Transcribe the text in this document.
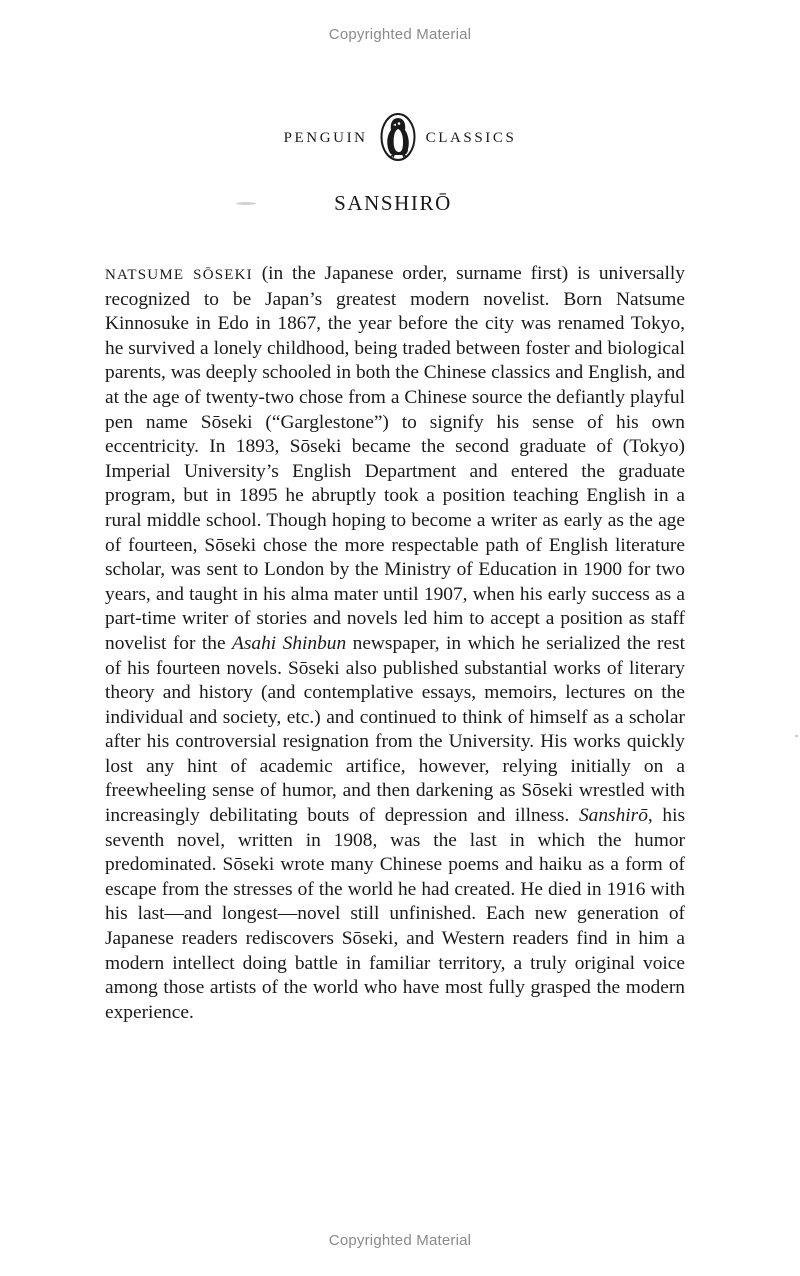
Copyrighted Material
PENGUIN	CLASSICS
SANSHIRŌ

NATSUME SŌSEKI (in the Japanese order, surname first) is universally recognized to be Japan’s greatest modern novelist. Born Natsume Kinnosuke in Edo in 1867, the year before the city was renamed Tokyo, he survived a lonely childhood, being traded between foster and biological parents, was deeply schooled in both the Chinese classics and English, and at the age of twenty-two chose from a Chinese source the defiantly playful pen name Sōseki (“Garglestone”) to signify his sense of his own eccentricity. In 1893, Sōseki became the second graduate of (Tokyo) Imperial University’s English Department and entered the graduate program, but in 1895 he abruptly took a position teaching English in a rural middle school. Though hoping to become a writer as early as the age of fourteen, Sōseki chose the more respectable path of English literature scholar, was sent to London by the Ministry of Education in 1900 for two years, and taught in his alma mater until 1907, when his early success as a part-time writer of stories and novels led him to accept a position as staff novelist for the Asahi Shinbun newspaper, in which he serialized the rest of his fourteen novels. Sōseki also published substantial works of literary theory and history (and contemplative essays, memoirs, lectures on the individual and society, etc.) and continued to think of himself as a scholar after his controversial resignation from the University. His works quickly lost any hint of academic artifice, however, relying initially on a freewheeling sense of humor, and then darkening as Sōseki wrestled with increasingly debilitating bouts of depression and illness. Sanshirō, his seventh novel, written in 1908, was the last in which the humor predominated. Sōseki wrote many Chinese poems and haiku as a form of escape from the stresses of the world he had created. He died in 1916 with his last—and longest—novel still unfinished. Each new generation of Japanese readers rediscovers Sōseki, and Western readers find in him a modern intellect doing battle in familiar territory, a truly original voice among those artists of the world who have most fully grasped the modern experience.

Copyrighted Material
